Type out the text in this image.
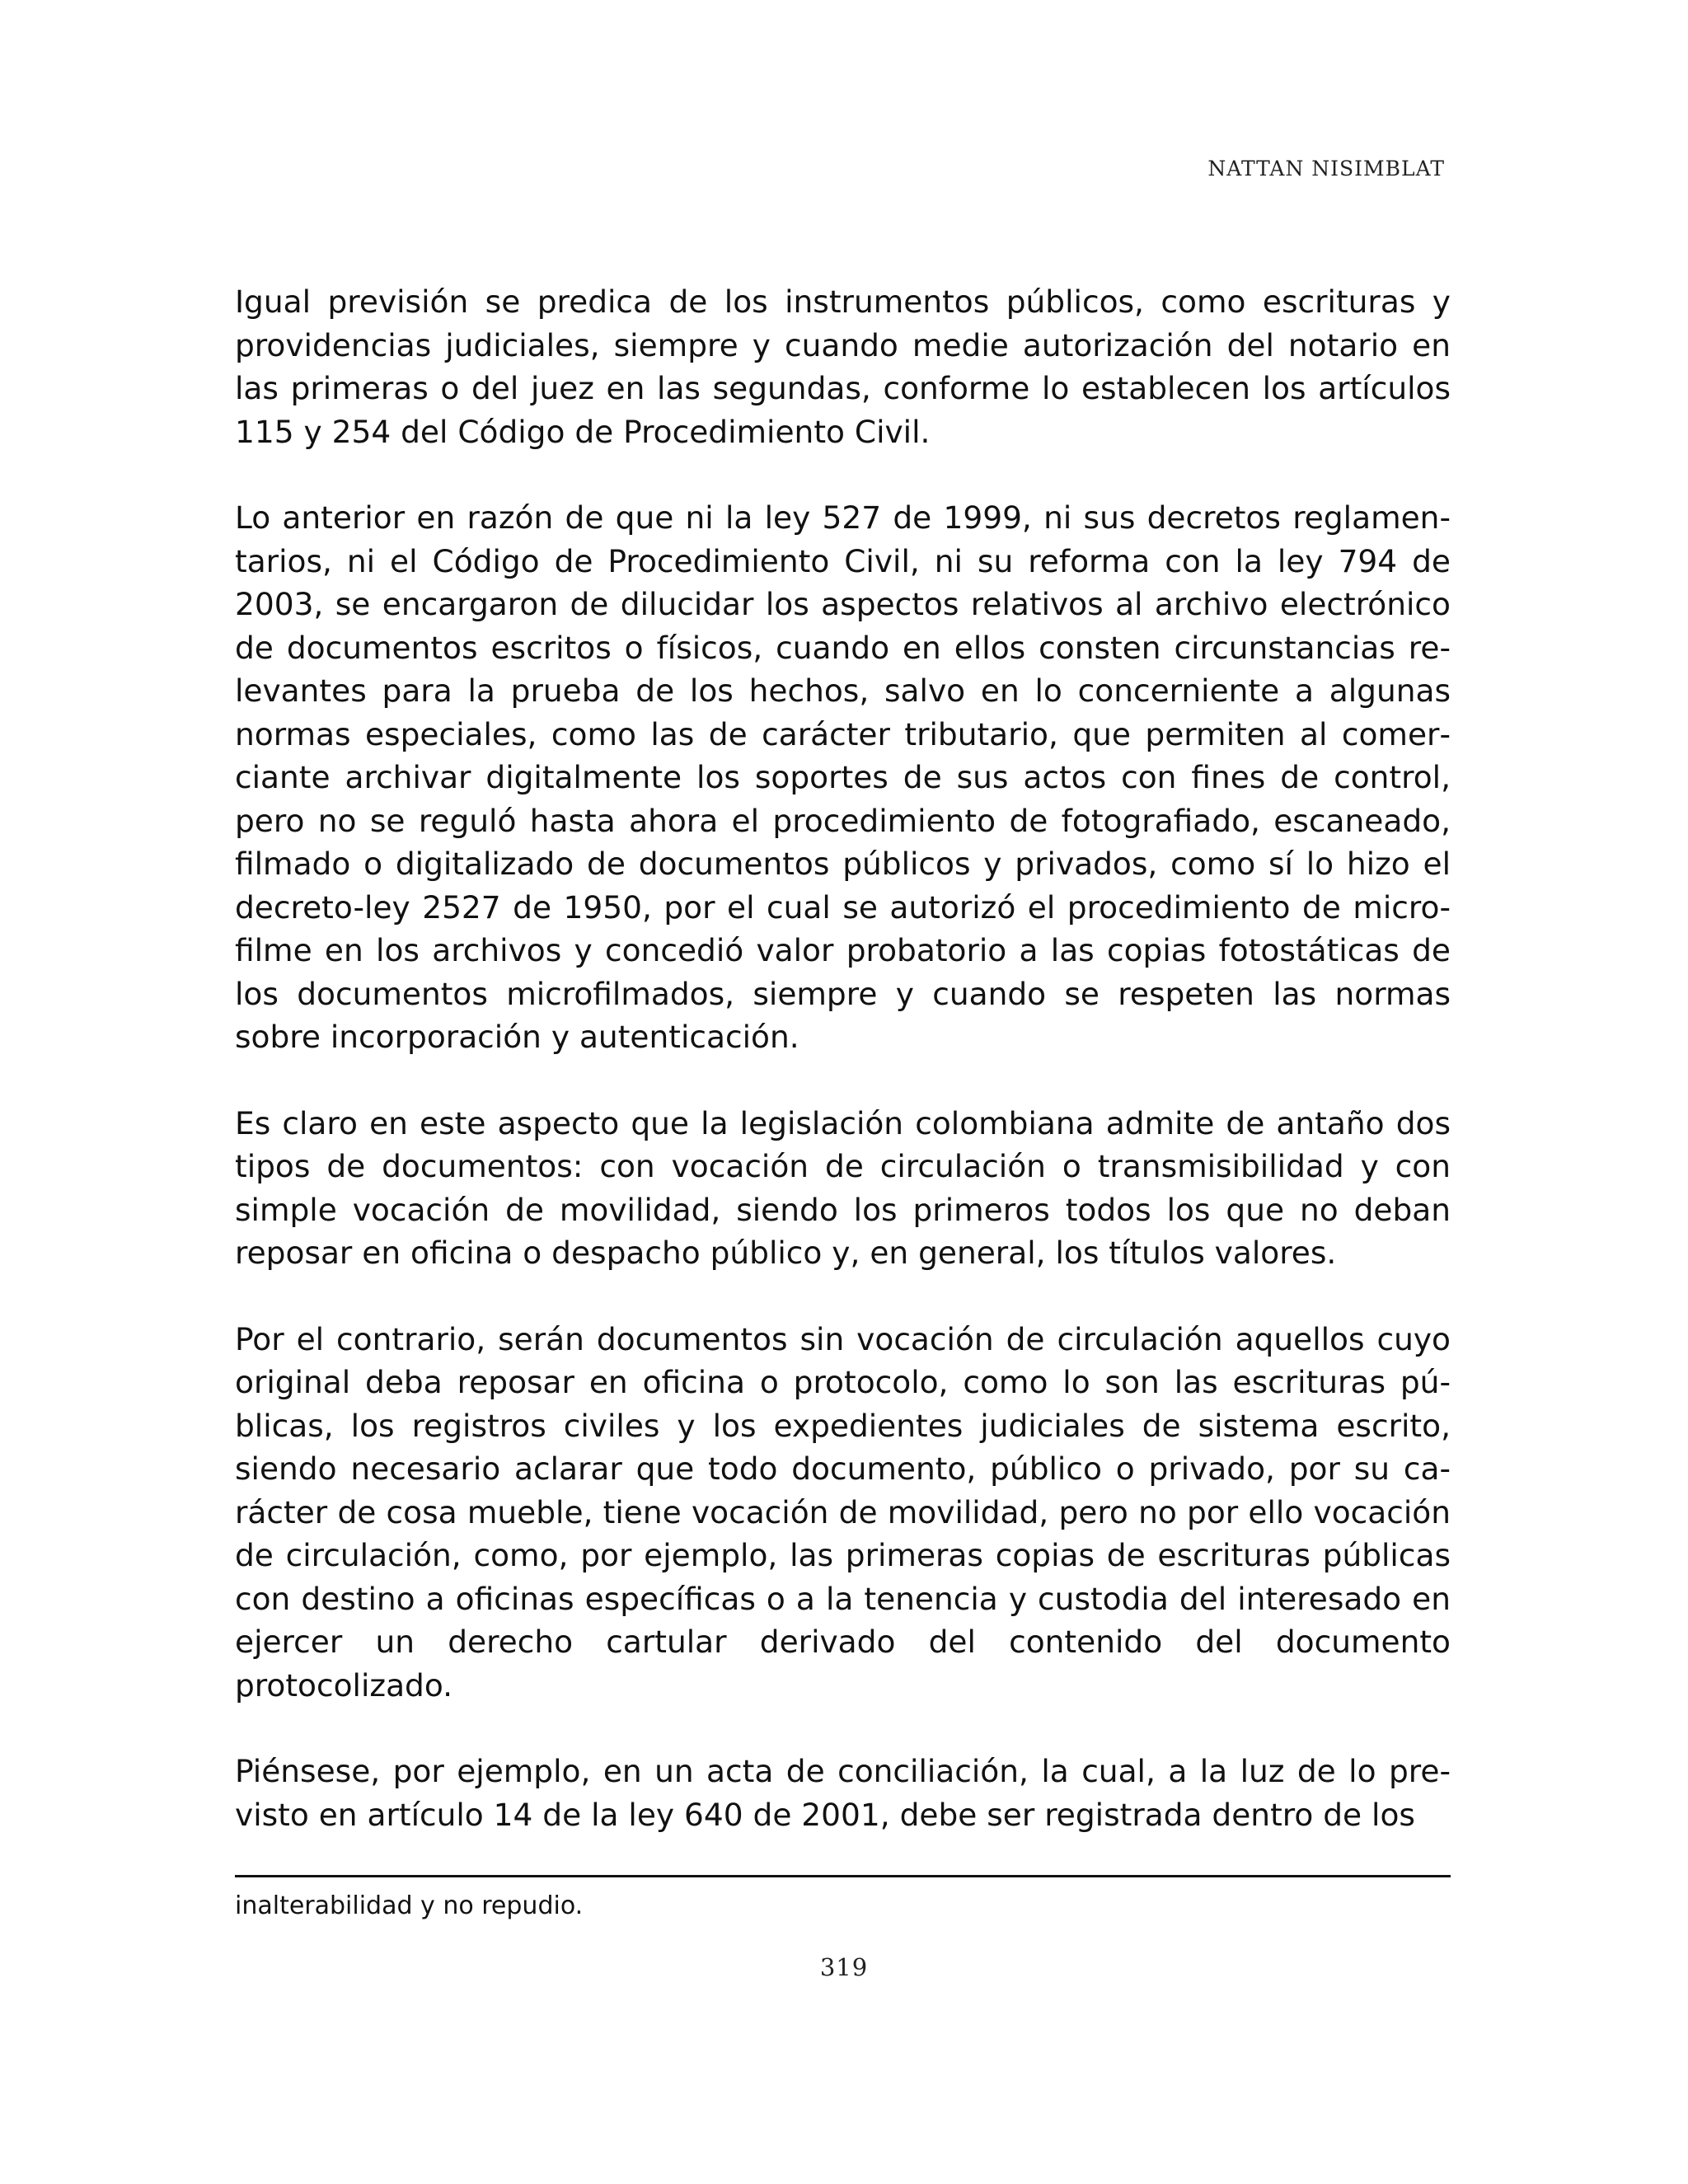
NATTAN NISIMBLAT

Igual previsión se predica de los instrumentos públicos, como escrituras y providencias judiciales, siempre y cuando medie autorización del notario en las primeras o del juez en las segundas, conforme lo establecen los artículos 115 y 254 del Código de Procedimiento Civil.

Lo anterior en razón de que ni la ley 527 de 1999, ni sus decretos reglamentarios, ni el Código de Procedimiento Civil, ni su reforma con la ley 794 de 2003, se encargaron de dilucidar los aspectos relativos al archivo electrónico de documentos escritos o físicos, cuando en ellos consten circunstancias relevantes para la prueba de los hechos, salvo en lo concerniente a algunas normas especiales, como las de carácter tributario, que permiten al comerciante archivar digitalmente los soportes de sus actos con fines de control, pero no se reguló hasta ahora el procedimiento de fotografiado, escaneado, filmado o digitalizado de documentos públicos y privados, como sí lo hizo el decreto-ley 2527 de 1950, por el cual se autorizó el procedimiento de microfilme en los archivos y concedió valor probatorio a las copias fotostáticas de los documentos microfilmados, siempre y cuando se respeten las normas sobre incorporación y autenticación.

Es claro en este aspecto que la legislación colombiana admite de antaño dos tipos de documentos: con vocación de circulación o transmisibilidad y con simple vocación de movilidad, siendo los primeros todos los que no deban reposar en oficina o despacho público y, en general, los títulos valores.

Por el contrario, serán documentos sin vocación de circulación aquellos cuyo original deba reposar en oficina o protocolo, como lo son las escrituras públicas, los registros civiles y los expedientes judiciales de sistema escrito, siendo necesario aclarar que todo documento, público o privado, por su carácter de cosa mueble, tiene vocación de movilidad, pero no por ello vocación de circulación, como, por ejemplo, las primeras copias de escrituras públicas con destino a oficinas específicas o a la tenencia y custodia del interesado en ejercer un derecho cartular derivado del contenido del documento protocolizado.

Piénsese, por ejemplo, en un acta de conciliación, la cual, a la luz de lo previsto en artículo 14 de la ley 640 de 2001, debe ser registrada dentro de los

inalterabilidad y no repudio.
319
